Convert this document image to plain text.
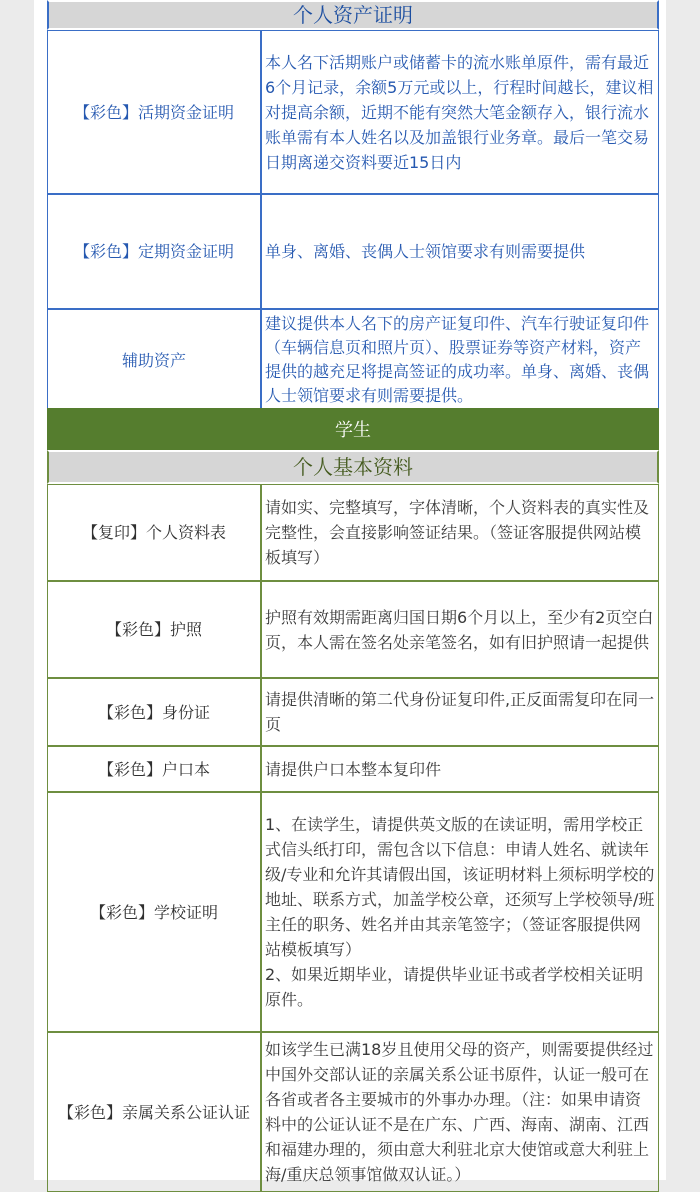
个人资产证明	
【彩色】活期资金证明	本人名下活期账户或储蓄卡的流水账单原件，需有最近6个月记录，余额5万元或以上，行程时间越长，建议相对提高余额，近期不能有突然大笔金额存入，银行流水账单需有本人姓名以及加盖银行业务章。最后一笔交易日期离递交资料要近15日内
【彩色】定期资金证明	单身、离婚、丧偶人士领馆要求有则需要提供
辅助资产	建议提供本人名下的房产证复印件、汽车行驶证复印件（车辆信息页和照片页）、股票证券等资产材料，资产提供的越充足将提高签证的成功率。单身、离婚、丧偶人士领馆要求有则需要提供。
学生	
个人基本资料	
【复印】个人资料表	请如实、完整填写，字体清晰，个人资料表的真实性及完整性，会直接影响签证结果。（签证客服提供网站模板填写）
【彩色】护照	护照有效期需距离归国日期6个月以上，至少有2页空白页，本人需在签名处亲笔签名，如有旧护照请一起提供
【彩色】身份证	请提供清晰的第二代身份证复印件,正反面需复印在同一页
【彩色】户口本	请提供户口本整本复印件
【彩色】学校证明	1、在读学生，请提供英文版的在读证明，需用学校正式信头纸打印，需包含以下信息：申请人姓名、就读年级/专业和允许其请假出国，该证明材料上须标明学校的地址、联系方式，加盖学校公章，还须写上学校领导/班主任的职务、姓名并由其亲笔签字；（签证客服提供网站模板填写）
2、如果近期毕业，请提供毕业证书或者学校相关证明原件。

【彩色】亲属关系公证认证	如该学生已满18岁且使用父母的资产，则需要提供经过中国外交部认证的亲属关系公证书原件，认证一般可在各省或者各主要城市的外事办办理。（注：如果申请资料中的公证认证不是在广东、广西、海南、湖南、江西和福建办理的，须由意大利驻北京大使馆或意大利驻上海/重庆总领事馆做双认证。）
